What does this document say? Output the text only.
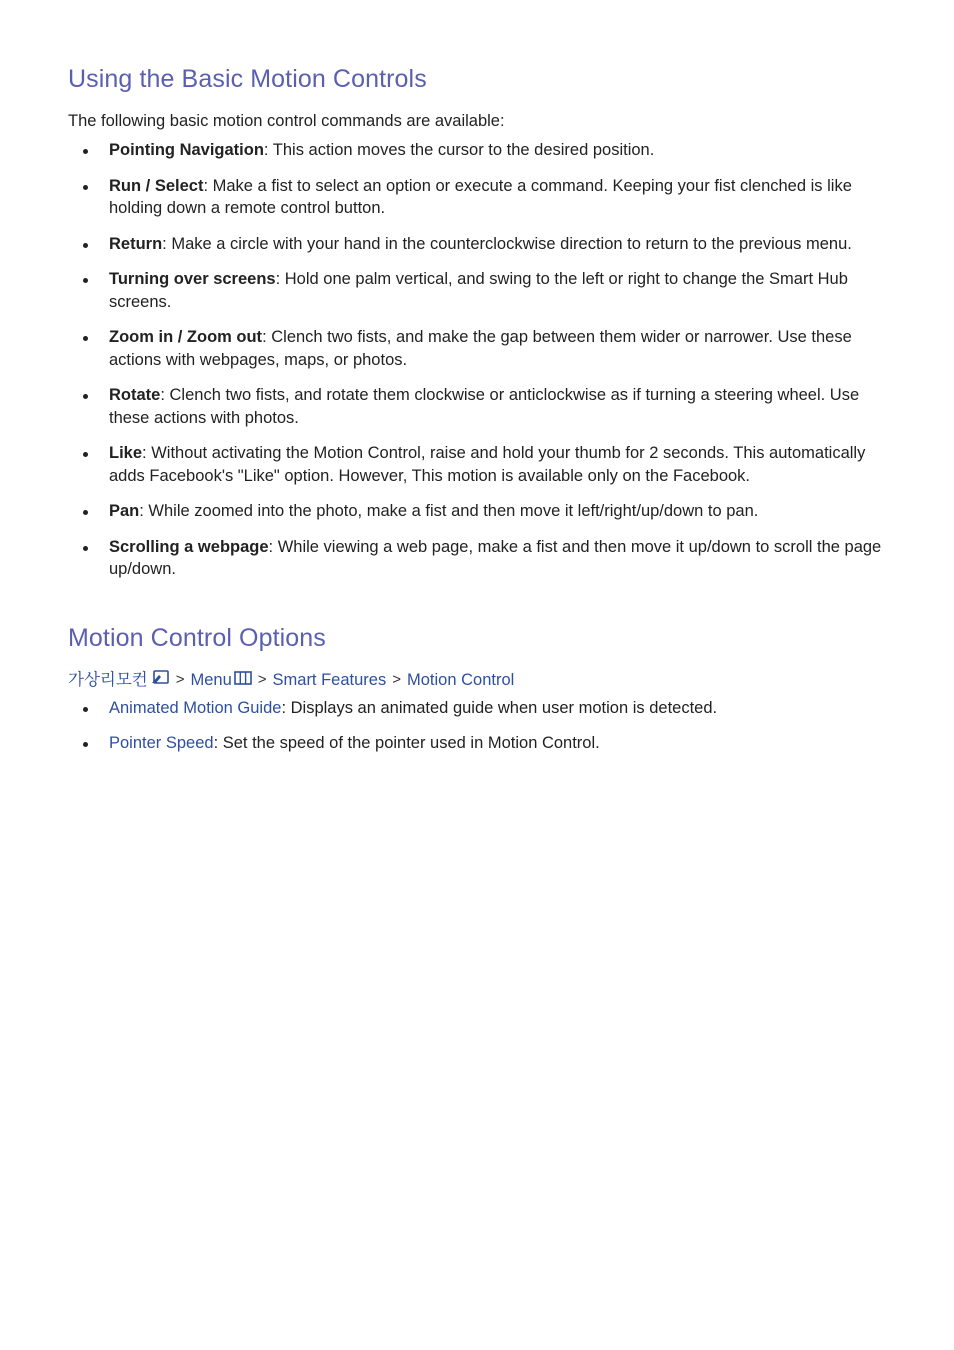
Using the Basic Motion Controls

The following basic motion control commands are available:

Pointing Navigation: This action moves the cursor to the desired position.
Run / Select: Make a fist to select an option or execute a command. Keeping your fist clenched is like holding down a remote control button.
Return: Make a circle with your hand in the counterclockwise direction to return to the previous menu.
Turning over screens: Hold one palm vertical, and swing to the left or right to change the Smart Hub screens.
Zoom in / Zoom out: Clench two fists, and make the gap between them wider or narrower. Use these actions with webpages, maps, or photos.
Rotate: Clench two fists, and rotate them clockwise or anticlockwise as if turning a steering wheel. Use these actions with photos.
Like: Without activating the Motion Control, raise and hold your thumb for 2 seconds. This automatically adds Facebook's "Like" option. However, This motion is available only on the Facebook.
Pan: While zoomed into the photo, make a fist and then move it left/right/up/down to pan.
Scrolling a webpage: While viewing a web page, make a fist and then move it up/down to scroll the page up/down.
Motion Control Options
가상리모컨 > Menu > Smart Features > Motion Control
Animated Motion Guide: Displays an animated guide when user motion is detected.
Pointer Speed: Set the speed of the pointer used in Motion Control.
